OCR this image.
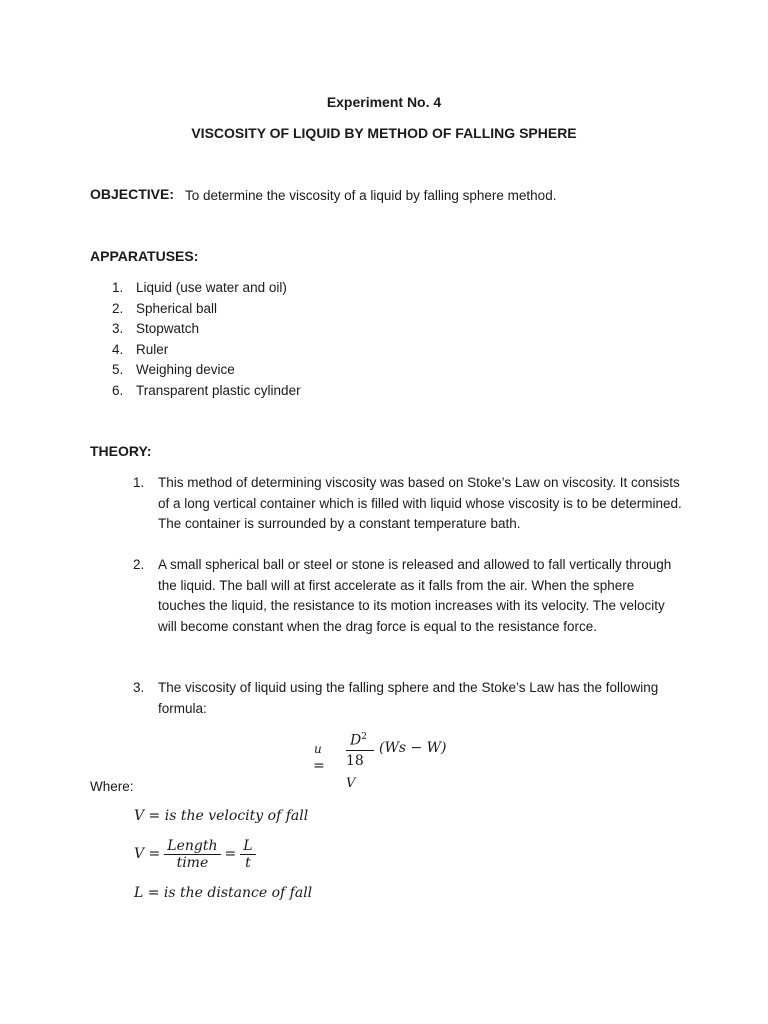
Experiment No. 4
VISCOSITY OF LIQUID BY METHOD OF FALLING SPHERE
OBJECTIVE: To determine the viscosity of a liquid by falling sphere method.
APPARATUSES:
1. Liquid (use water and oil)
2. Spherical ball
3. Stopwatch
4. Ruler
5. Weighing device
6. Transparent plastic cylinder
THEORY:
1. This method of determining viscosity was based on Stoke’s Law on viscosity. It consists of a long vertical container which is filled with liquid whose viscosity is to be determined. The container is surrounded by a constant temperature bath.
2. A small spherical ball or steel or stone is released and allowed to fall vertically through the liquid. The ball will at first accelerate as it falls from the air. When the sphere touches the liquid, the resistance to its motion increases with its velocity. The velocity will become constant when the drag force is equal to the resistance force.
3. The viscosity of liquid using the falling sphere and the Stoke’s Law has the following formula:
u
=
$D^2$
18
V
(Ws − W)
Where:
V = is the velocity of fall
$V = \frac{\text{Length}}{\text{time}} = \frac{L}{t}$
L = is the distance of fall
